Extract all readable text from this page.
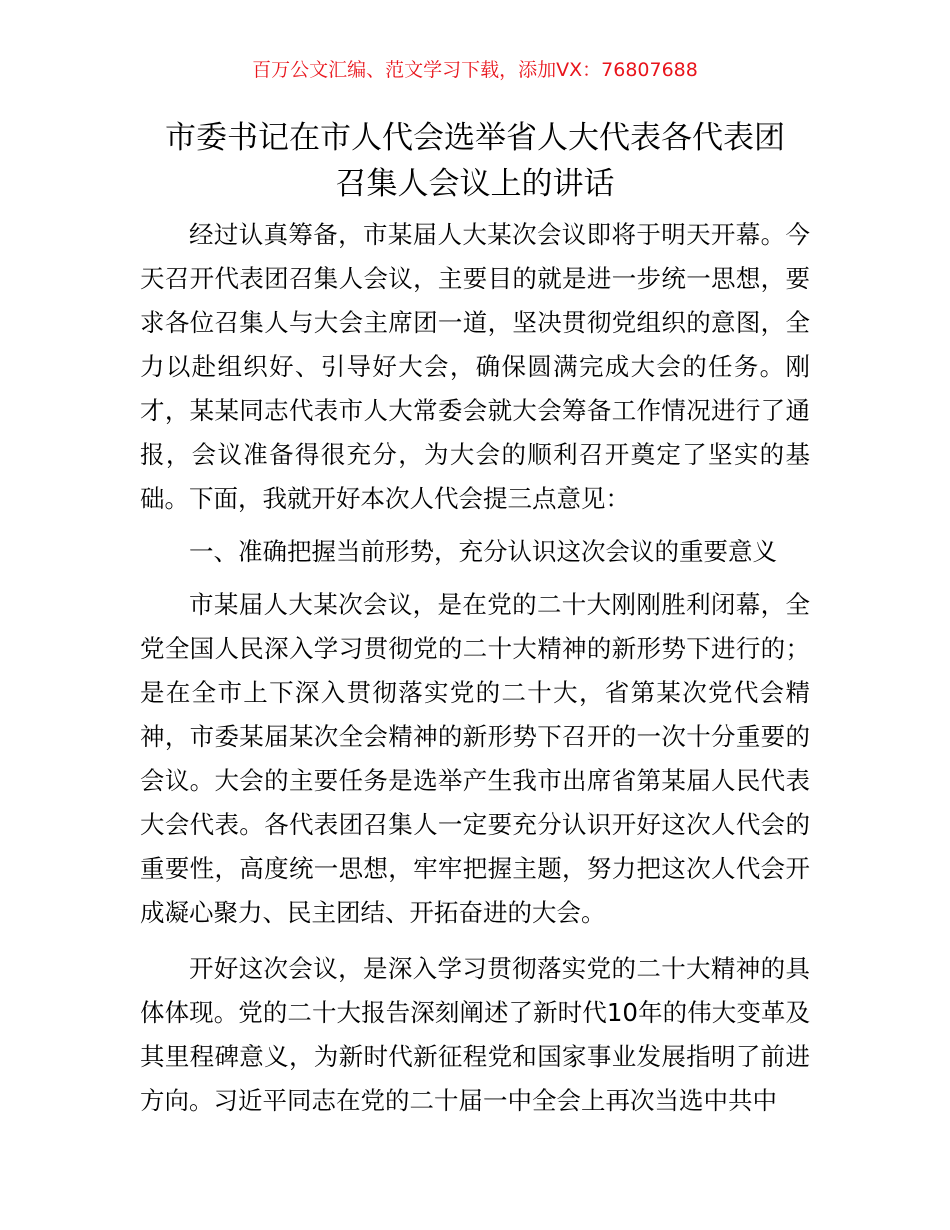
百万公文汇编、范文学习下载，添加VX：76807688
市委书记在市人代会选举省人大代表各代表团
召集人会议上的讲话

经过认真筹备，市某届人大某次会议即将于明天开幕。今天召开代表团召集人会议，主要目的就是进一步统一思想，要求各位召集人与大会主席团一道，坚决贯彻党组织的意图，全力以赴组织好、引导好大会，确保圆满完成大会的任务。刚才，某某同志代表市人大常委会就大会筹备工作情况进行了通报，会议准备得很充分，为大会的顺利召开奠定了坚实的基础。下面，我就开好本次人代会提三点意见：

一、准确把握当前形势，充分认识这次会议的重要意义

市某届人大某次会议，是在党的二十大刚刚胜利闭幕，全党全国人民深入学习贯彻党的二十大精神的新形势下进行的；是在全市上下深入贯彻落实党的二十大，省第某次党代会精神，市委某届某次全会精神的新形势下召开的一次十分重要的会议。大会的主要任务是选举产生我市出席省第某届人民代表大会代表。各代表团召集人一定要充分认识开好这次人代会的重要性，高度统一思想，牢牢把握主题，努力把这次人代会开成凝心聚力、民主团结、开拓奋进的大会。

开好这次会议，是深入学习贯彻落实党的二十大精神的具体体现。党的二十大报告深刻阐述了新时代10年的伟大变革及其里程碑意义，为新时代新征程党和国家事业发展指明了前进方向。习近平同志在党的二十届一中全会上再次当选中共中
